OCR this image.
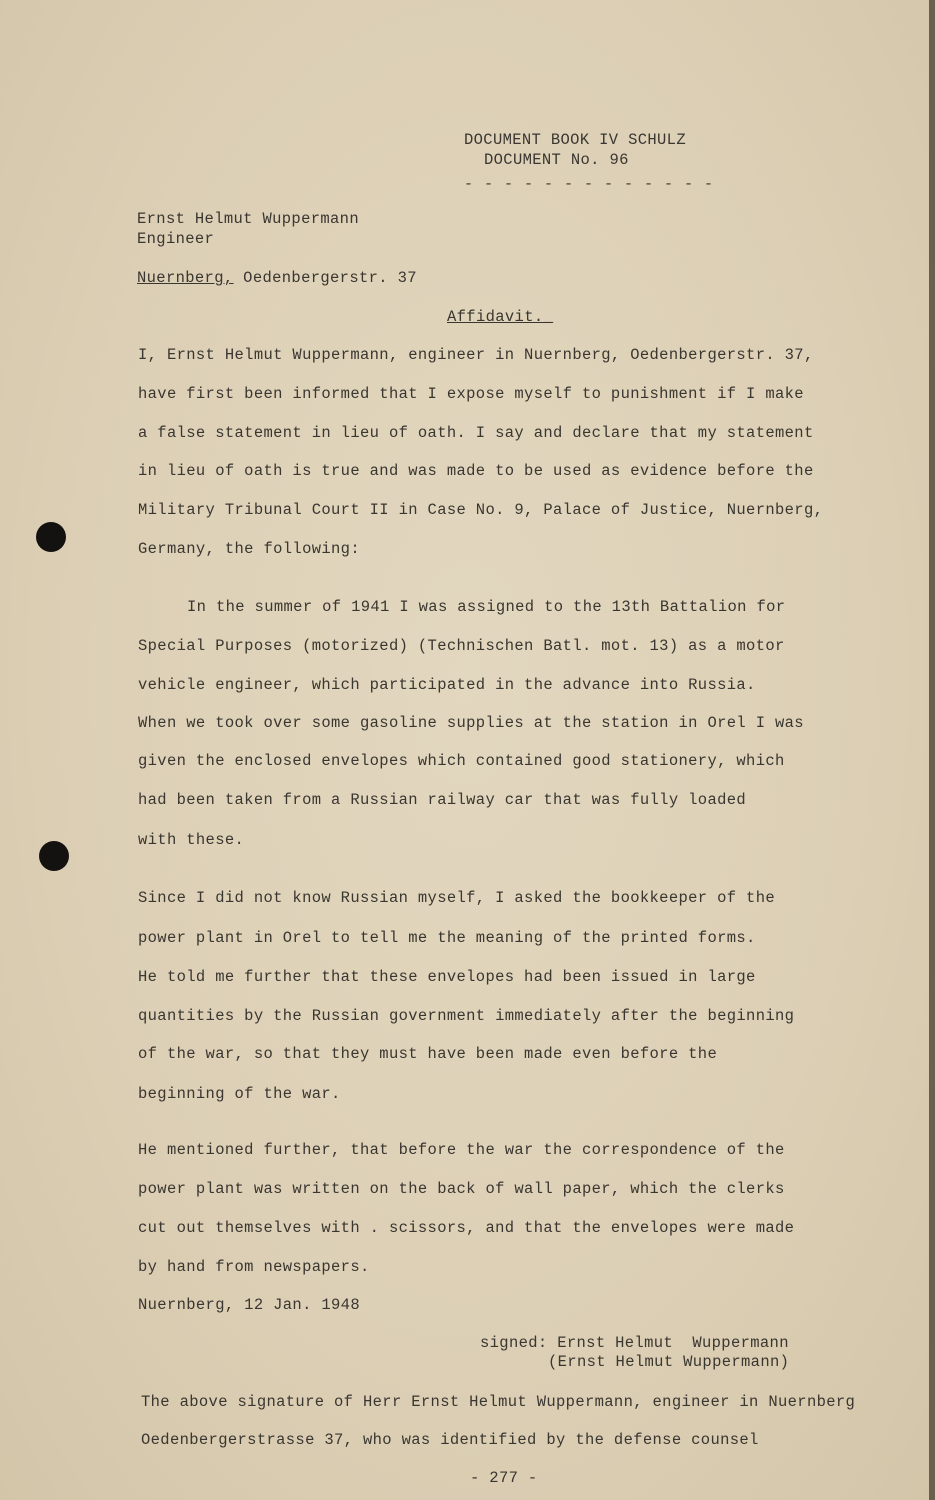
DOCUMENT BOOK IV SCHULZ
DOCUMENT No. 96
- - - - - - - - - - - - -
Ernst Helmut Wuppermann
Engineer
Nuernberg, Oedenbergerstr. 37
Affidavit._
I, Ernst Helmut Wuppermann, engineer in Nuernberg, Oedenbergerstr. 37,
have first been informed that I expose myself to punishment if I make
a false statement in lieu of oath. I say and declare that my statement
in lieu of oath is true and was made to be used as evidence before the
Military Tribunal Court II in Case No. 9, Palace of Justice, Nuernberg,
Germany, the following:
In the summer of 1941 I was assigned to the 13th Battalion for
Special Purposes (motorized) (Technischen Batl. mot. 13) as a motor
vehicle engineer, which participated in the advance into Russia.
When we took over some gasoline supplies at the station in Orel I was
given the enclosed envelopes which contained good stationery, which
had been taken from a Russian railway car that was fully loaded
with these.
Since I did not know Russian myself, I asked the bookkeeper of the
power plant in Orel to tell me the meaning of the printed forms.
He told me further that these envelopes had been issued in large
quantities by the Russian government immediately after the beginning
of the war, so that they must have been made even before the
beginning of the war.
He mentioned further, that before the war the correspondence of the
power plant was written on the back of wall paper, which the clerks
cut out themselves with . scissors, and that the envelopes were made
by hand from newspapers.
Nuernberg, 12 Jan. 1948
signed: Ernst Helmut  Wuppermann
(Ernst Helmut Wuppermann)
The above signature of Herr Ernst Helmut Wuppermann, engineer in Nuernberg
Oedenbergerstrasse 37, who was identified by the defense counsel
- 277 -
